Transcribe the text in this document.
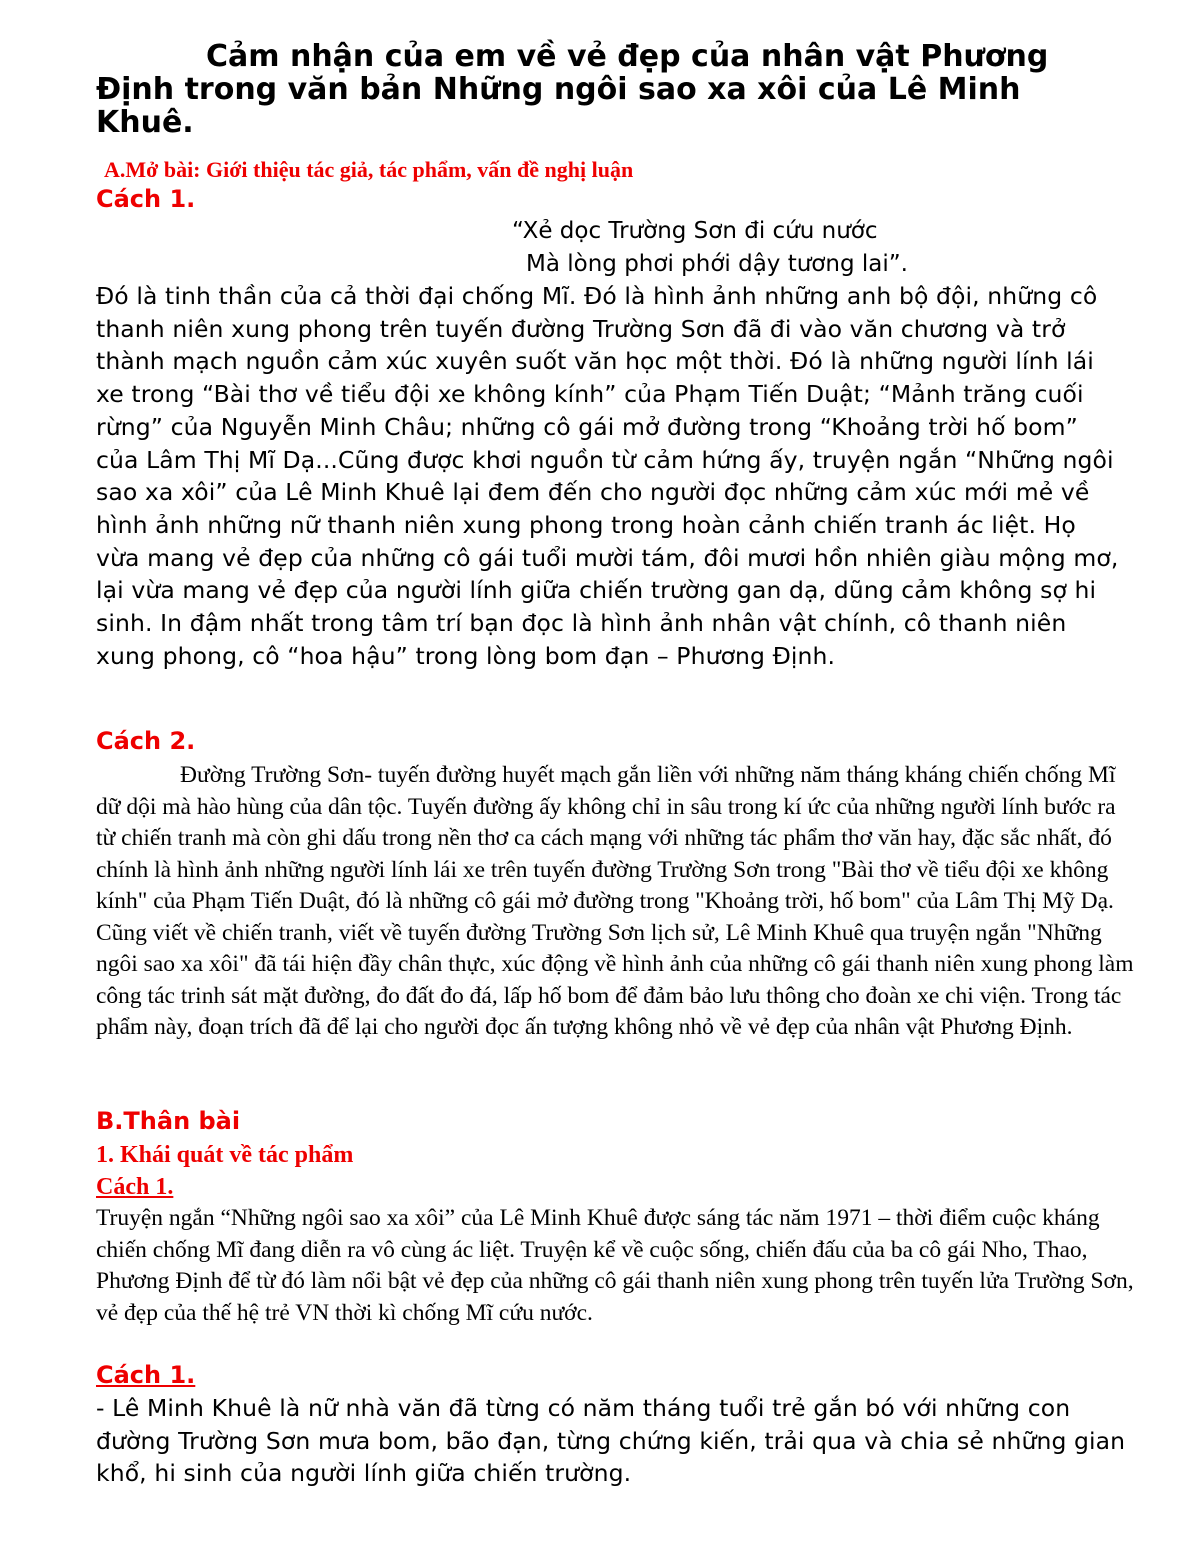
Cảm nhận của em về vẻ đẹp của nhân vật Phương Định trong văn bản Những ngôi sao xa xôi của Lê Minh Khuê.

A.Mở bài: Giới thiệu tác giả, tác phẩm, vấn đề nghị luận

Cách 1.

“Xẻ dọc Trường Sơn đi cứu nước

Mà lòng phơi phới dậy tương lai”.

Đó là tinh thần của cả thời đại chống Mĩ. Đó là hình ảnh những anh bộ đội, những cô thanh niên xung phong trên tuyến đường Trường Sơn đã đi vào văn chương và trở thành mạch nguồn cảm xúc xuyên suốt văn học một thời. Đó là những người lính lái xe trong “Bài thơ về tiểu đội xe không kính” của Phạm Tiến Duật; “Mảnh trăng cuối rừng” của Nguyễn Minh Châu; những cô gái mở đường trong “Khoảng trời hố bom” của Lâm Thị Mĩ Dạ...Cũng được khơi nguồn từ cảm hứng ấy, truyện ngắn “Những ngôi sao xa xôi” của Lê Minh Khuê lại đem đến cho người đọc những cảm xúc mới mẻ về hình ảnh những nữ thanh niên xung phong trong hoàn cảnh chiến tranh ác liệt. Họ vừa mang vẻ đẹp của những cô gái tuổi mười tám, đôi mươi hồn nhiên giàu mộng mơ, lại vừa mang vẻ đẹp của người lính giữa chiến trường gan dạ, dũng cảm không sợ hi sinh. In đậm nhất trong tâm trí bạn đọc là hình ảnh nhân vật chính, cô thanh niên xung phong, cô “hoa hậu” trong lòng bom đạn – Phương Định.

Cách 2.

Đường Trường Sơn- tuyến đường huyết mạch gắn liền với những năm tháng kháng chiến chống Mĩ dữ dội mà hào hùng của dân tộc. Tuyến đường ấy không chỉ in sâu trong kí ức của những người lính bước ra từ chiến tranh mà còn ghi dấu trong nền thơ ca cách mạng với những tác phẩm thơ văn hay, đặc sắc nhất, đó chính là hình ảnh những người lính lái xe trên tuyến đường Trường Sơn trong "Bài thơ về tiểu đội xe không kính" của Phạm Tiến Duật, đó là những cô gái mở đường trong "Khoảng trời, hố bom" của Lâm Thị Mỹ Dạ. Cũng viết về chiến tranh, viết về tuyến đường Trường Sơn lịch sử, Lê Minh Khuê qua truyện ngắn "Những ngôi sao xa xôi" đã tái hiện đầy chân thực, xúc động về hình ảnh của những cô gái thanh niên xung phong làm công tác trinh sát mặt đường, đo đất đo đá, lấp hố bom để đảm bảo lưu thông cho đoàn xe chi viện. Trong tác phẩm này, đoạn trích đã để lại cho người đọc ấn tượng không nhỏ về vẻ đẹp của nhân vật Phương Định.

B.Thân bài

1. Khái quát về tác phẩm

Cách 1.

Truyện ngắn “Những ngôi sao xa xôi” của Lê Minh Khuê được sáng tác năm 1971 – thời điểm cuộc kháng chiến chống Mĩ đang diễn ra vô cùng ác liệt. Truyện kể về cuộc sống, chiến đấu của ba cô gái Nho, Thao, Phương Định để từ đó làm nổi bật vẻ đẹp của những cô gái thanh niên xung phong trên tuyến lửa Trường Sơn, vẻ đẹp của thế hệ trẻ VN thời kì chống Mĩ cứu nước.

Cách 1.

- Lê Minh Khuê là nữ nhà văn đã từng có năm tháng tuổi trẻ gắn bó với những con đường Trường Sơn mưa bom, bão đạn, từng chứng kiến, trải qua và chia sẻ những gian khổ, hi sinh của người lính giữa chiến trường.
